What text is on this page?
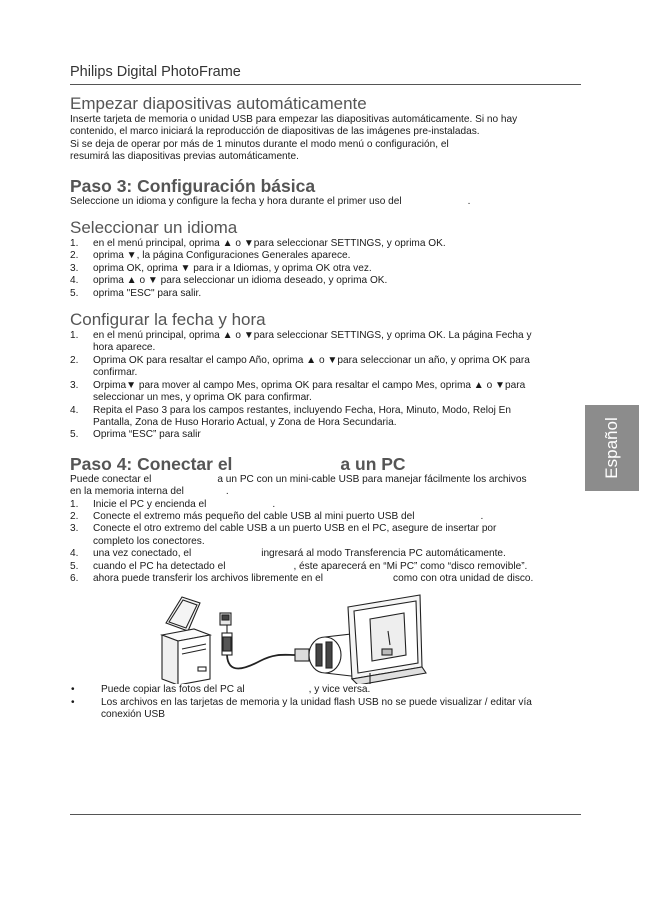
Philips Digital PhotoFrame
Empezar diapositivas automáticamente

Inserte tarjeta de memoria o unidad USB para empezar las diapositivas automáticamente. Si no hay

contenido, el marco iniciará la reproducción de diapositivas de las imágenes pre-instaladas.

Si se deja de operar por más de 1 minutos durante el modo menú o configuración, el

resumirá las diapositivas previas automáticamente.

Paso 3: Configuración básica

Seleccione un idioma y configure la fecha y hora durante el primer uso del	.

Seleccionar un idioma
1. en el menú principal, oprima ▲ o ▼para seleccionar SETTINGS, y oprima OK.
2. oprima ▼, la página Configuraciones Generales aparece.
3. oprima OK, oprima ▼ para ir a Idiomas, y oprima OK otra vez.
4. oprima ▲ o ▼ para seleccionar un idioma deseado, y oprima OK.
5. oprima "ESC" para salir.
Configurar la fecha y hora
1. en el menú principal, oprima ▲ o ▼para seleccionar SETTINGS, y oprima OK. La página Fecha y
hora aparece.
2. Oprima OK para resaltar el campo Año, oprima ▲ o ▼para seleccionar un año, y oprima OK para
confirmar.
3. Orpima▼ para mover al campo Mes, oprima OK para resaltar el campo Mes, oprima ▲ o ▼para
seleccionar un mes, y oprima OK para confirmar.
4. Repita el Paso 3 para los campos restantes, incluyendo Fecha, Hora, Minuto, Modo, Reloj En
Pantalla, Zona de Huso Horario Actual, y Zona de Hora Secundaria.
5. Oprima “ESC” para salir
Paso 4: Conectar el	a un PC

Puede conectar el	a un PC con un mini-cable USB para manejar fácilmente los archivos

en la memoria interna del	.

1. Inicie el PC y encienda el	.
2. Conecte el extremo más pequeño del cable USB al mini puerto USB del	.
3. Conecte el otro extremo del cable USB a un puerto USB en el PC, asegure de insertar por
completo los conectores.
4. una vez conectado, el	ingresará al modo Transferencia PC automáticamente.
5. cuando el PC ha detectado el	, éste aparecerá en “Mi PC” como “disco removible”.
6. ahora puede transferir los archivos libremente en el	como con otra unidad de disco.
•	Puede copiar las fotos del PC al	, y vice versa.
•	Los archivos en las tarjetas de memoria y la unidad flash USB no se puede visualizar / editar vía
conexión USB
Español
